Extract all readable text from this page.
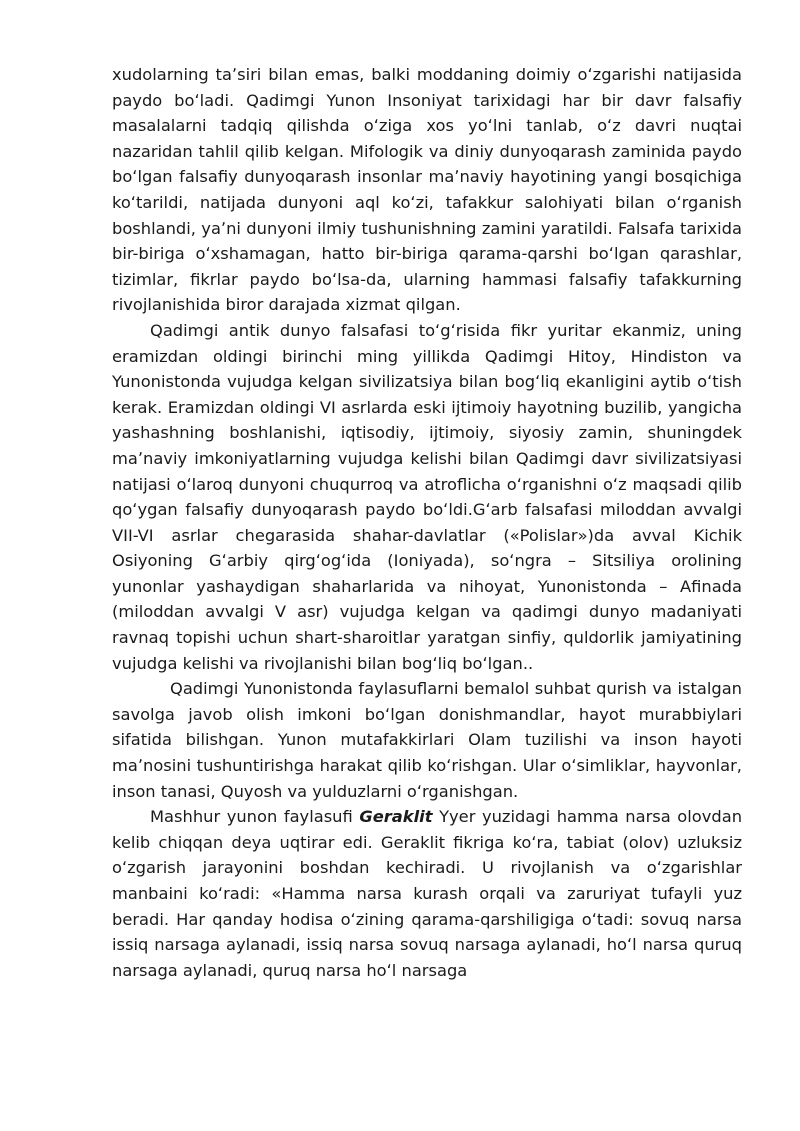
xudolarning taʼsiri bilan emas, balki moddaning doimiy oʻzgarishi natijasida paydo boʻladi. Qadimgi Yunon Insoniyat tarixidagi har bir davr falsafiy masalalarni tadqiq qilishda oʻziga xos yoʻlni tanlab, oʻz davri nuqtai nazaridan tahlil qilib kelgan. Mifologik va diniy dunyoqarash zaminida paydo boʻlgan falsafiy dunyoqarash insonlar maʼnaviy hayotining yangi bosqichiga koʻtarildi, natijada dunyoni aql koʻzi, tafakkur salohiyati bilan oʻrganish boshlandi, yaʼni dunyoni ilmiy tushunishning zamini yaratildi. Falsafa tarixida bir-biriga oʻxshamagan, hatto bir-biriga qarama-qarshi boʻlgan qarashlar, tizimlar, fikrlar paydo boʻlsa-da, ularning hammasi falsafiy tafakkurning rivojlanishida biror darajada xizmat qilgan.

Qadimgi antik dunyo falsafasi toʻgʻrisida fikr yuritar ekanmiz, uning eramizdan oldingi birinchi ming yillikda Qadimgi Hitoy, Hindiston va Yunonistonda vujudga kelgan sivilizatsiya bilan bogʻliq ekanligini aytib oʻtish kerak. Eramizdan oldingi VI asrlarda eski ijtimoiy hayotning buzilib, yangicha yashashning boshlanishi, iqtisodiy, ijtimoiy, siyosiy zamin, shuningdek maʼnaviy imkoniyatlarning vujudga kelishi bilan Qadimgi davr sivilizatsiyasi natijasi oʻlaroq dunyoni chuqurroq va atroflicha oʻrganishni oʻz maqsadi qilib qoʻygan falsafiy dunyoqarash paydo boʻldi.Gʻarb falsafasi miloddan avvalgi VII-VI asrlar chegarasida shahar-davlatlar («Polislar»)da avval Kichik Osiyoning Gʻarbiy qirgʻogʻida (Ioniyada), soʻngra – Sitsiliya orolining yunonlar yashaydigan shaharlarida va nihoyat, Yunonistonda – Afinada (miloddan avvalgi V asr) vujudga kelgan va qadimgi dunyo madaniyati ravnaq topishi uchun shart-sharoitlar yaratgan sinfiy, quldorlik jamiyatining vujudga kelishi va rivojlanishi bilan bogʻliq boʻlgan..

Qadimgi Yunonistonda faylasuflarni bemalol suhbat qurish va istalgan savolga javob olish imkoni boʻlgan donishmandlar, hayot murabbiylari sifatida bilishgan. Yunon mutafakkirlari Olam tuzilishi va inson hayoti maʼnosini tushuntirishga harakat qilib koʻrishgan. Ular oʻsimliklar, hayvonlar, inson tanasi, Quyosh va yulduzlarni oʻrganishgan.

Mashhur yunon faylasufi Geraklit Yyer yuzidagi hamma narsa olovdan kelib chiqqan deya uqtirar edi. Geraklit fikriga koʻra, tabiat (olov) uzluksiz oʻzgarish jarayonini boshdan kechiradi. U rivojlanish va oʻzgarishlar manbaini koʻradi: «Hamma narsa kurash orqali va zaruriyat tufayli yuz beradi. Har qanday hodisa oʻzining qarama-qarshiligiga oʻtadi: sovuq narsa issiq narsaga aylanadi, issiq narsa sovuq narsaga aylanadi, hoʻl narsa quruq narsaga aylanadi, quruq narsa hoʻl narsaga
